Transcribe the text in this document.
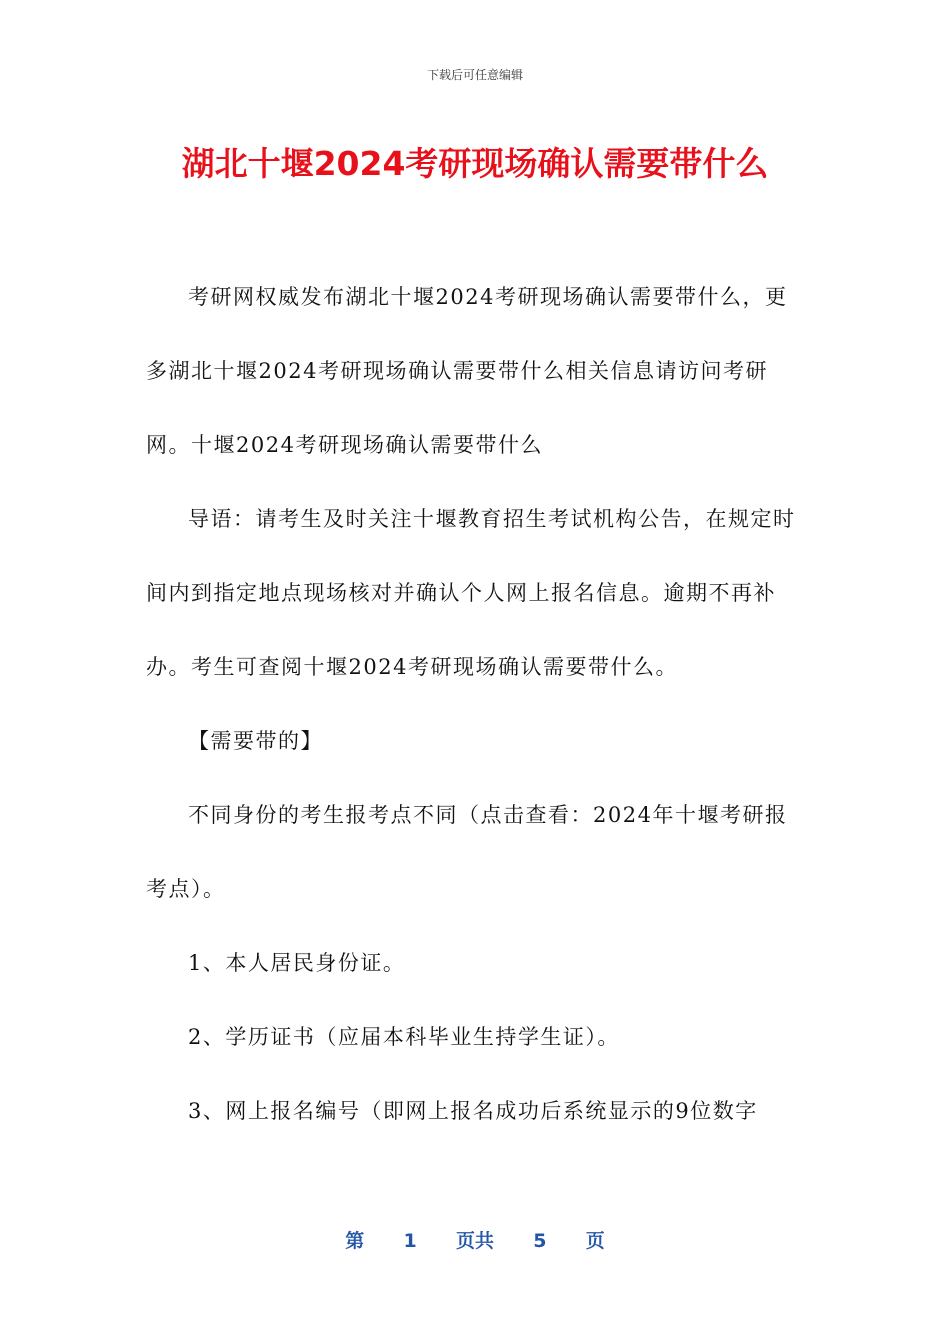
下载后可任意编辑
湖北十堰2024考研现场确认需要带什么

考研网权威发布湖北十堰2024考研现场确认需要带什么，更多湖北十堰2024考研现场确认需要带什么相关信息请访问考研网。十堰2024考研现场确认需要带什么

导语：请考生及时关注十堰教育招生考试机构公告，在规定时间内到指定地点现场核对并确认个人网上报名信息。逾期不再补办。考生可查阅十堰2024考研现场确认需要带什么。

【需要带的】

不同身份的考生报考点不同（点击查看：2024年十堰考研报考点）。

1、本人居民身份证。

2、学历证书（应届本科毕业生持学生证）。

3、网上报名编号（即网上报名成功后系统显示的9位数字

第 1 页共 5 页
